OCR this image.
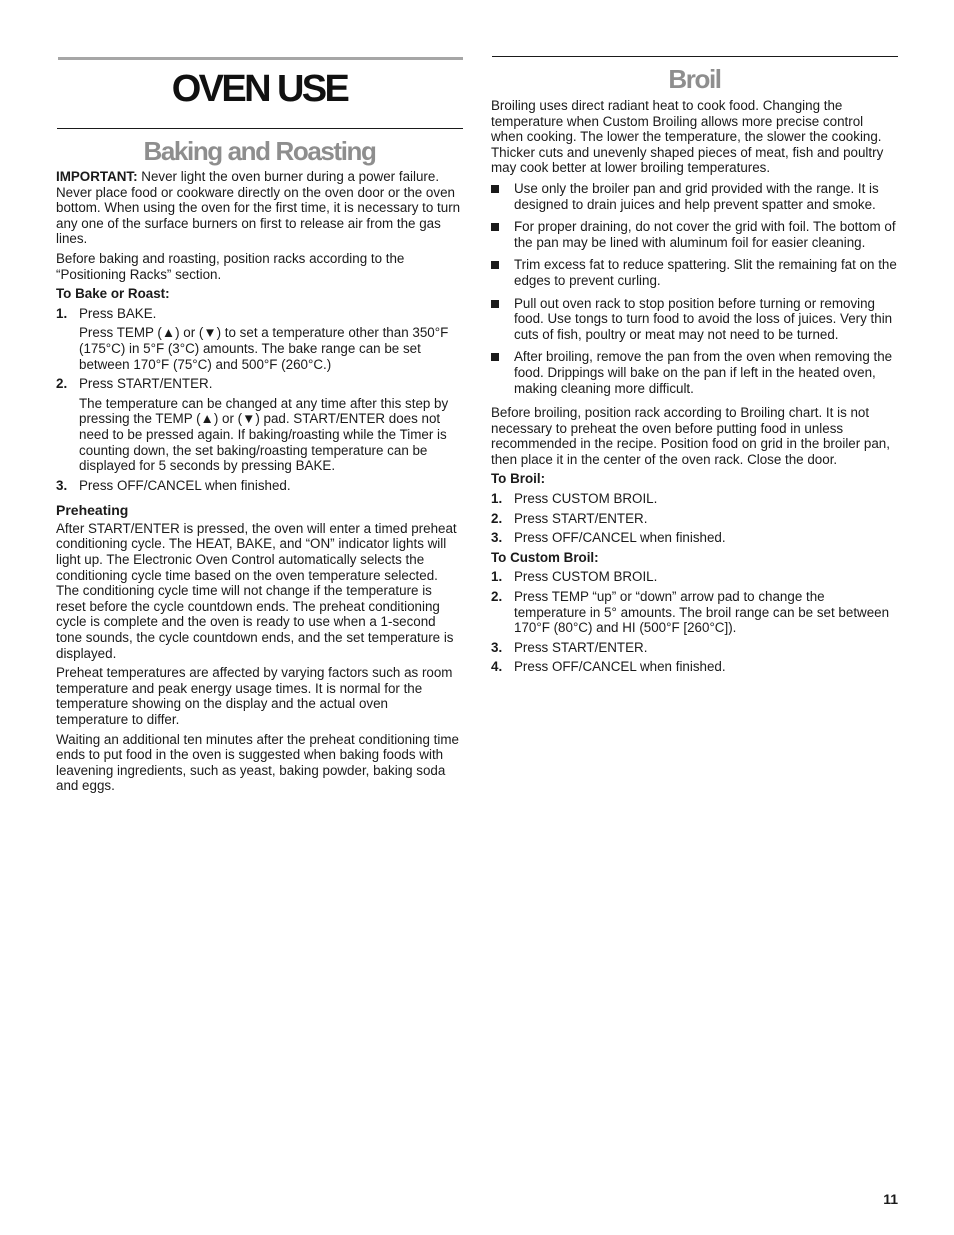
OVEN USE
Baking and Roasting
Broil

IMPORTANT: Never light the oven burner during a power failure. Never place food or cookware directly on the oven door or the oven bottom. When using the oven for the first time, it is necessary to turn any one of the surface burners on first to release air from the gas lines.

Before baking and roasting, position racks according to the “Positioning Racks” section.

To Bake or Roast:

1. Press BAKE.

Press TEMP (▲) or (▼) to set a temperature other than 350°F (175°C) in 5°F (3°C) amounts. The bake range can be set between 170°F (75°C) and 500°F (260°C.)

2. Press START/ENTER.

The temperature can be changed at any time after this step by pressing the TEMP (▲) or (▼) pad. START/ENTER does not need to be pressed again. If baking/roasting while the Timer is counting down, the set baking/roasting temperature can be displayed for 5 seconds by pressing BAKE.

3. Press OFF/CANCEL when finished.

Preheating

After START/ENTER is pressed, the oven will enter a timed preheat conditioning cycle. The HEAT, BAKE, and “ON” indicator lights will light up. The Electronic Oven Control automatically selects the conditioning cycle time based on the oven temperature selected. The conditioning cycle time will not change if the temperature is reset before the cycle countdown ends. The preheat conditioning cycle is complete and the oven is ready to use when a 1-second tone sounds, the cycle countdown ends, and the set temperature is displayed.

Preheat temperatures are affected by varying factors such as room temperature and peak energy usage times. It is normal for the temperature showing on the display and the actual oven temperature to differ.

Waiting an additional ten minutes after the preheat conditioning time ends to put food in the oven is suggested when baking foods with leavening ingredients, such as yeast, baking powder, baking soda and eggs.

Broiling uses direct radiant heat to cook food. Changing the temperature when Custom Broiling allows more precise control when cooking. The lower the temperature, the slower the cooking. Thicker cuts and unevenly shaped pieces of meat, fish and poultry may cook better at lower broiling temperatures.

Use only the broiler pan and grid provided with the range. It is designed to drain juices and help prevent spatter and smoke.
For proper draining, do not cover the grid with foil. The bottom of the pan may be lined with aluminum foil for easier cleaning.
Trim excess fat to reduce spattering. Slit the remaining fat on the edges to prevent curling.
Pull out oven rack to stop position before turning or removing food. Use tongs to turn food to avoid the loss of juices. Very thin cuts of fish, poultry or meat may not need to be turned.
After broiling, remove the pan from the oven when removing the food. Drippings will bake on the pan if left in the heated oven, making cleaning more difficult.

Before broiling, position rack according to Broiling chart. It is not necessary to preheat the oven before putting food in unless recommended in the recipe. Position food on grid in the broiler pan, then place it in the center of the oven rack. Close the door.

To Broil:

1. Press CUSTOM BROIL.
2. Press START/ENTER.
3. Press OFF/CANCEL when finished.

To Custom Broil:

1. Press CUSTOM BROIL.
2. Press TEMP “up” or “down” arrow pad to change the temperature in 5° amounts. The broil range can be set between 170°F (80°C) and HI (500°F [260°C]).
3. Press START/ENTER.
4. Press OFF/CANCEL when finished.
11
